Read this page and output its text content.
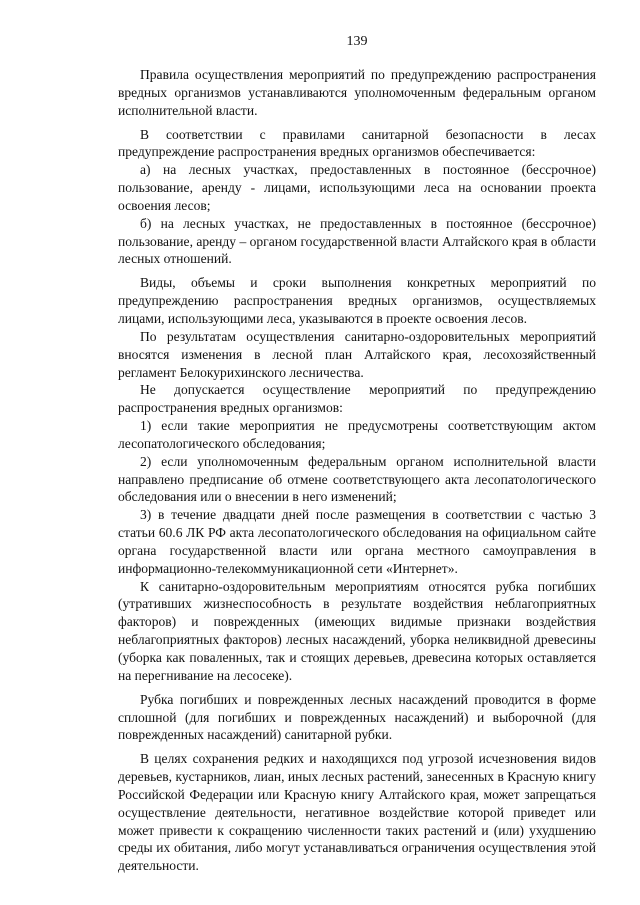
139

Правила осуществления мероприятий по предупреждению распространения вредных организмов устанавливаются уполномоченным федеральным органом исполнительной власти.

В соответствии с правилами санитарной безопасности в лесах предупреждение распространения вредных организмов обеспечивается:

а) на лесных участках, предоставленных в постоянное (бессрочное) пользование, аренду - лицами, использующими леса на основании проекта освоения лесов;

б) на лесных участках, не предоставленных в постоянное (бессрочное) пользование, аренду – органом государственной власти Алтайского края в области лесных отношений.

Виды, объемы и сроки выполнения конкретных мероприятий по предупреждению распространения вредных организмов, осуществляемых лицами, использующими леса, указываются в проекте освоения лесов.

По результатам осуществления санитарно-оздоровительных мероприятий вносятся изменения в лесной план Алтайского края, лесохозяйственный регламент Белокурихинского лесничества.

Не допускается осуществление мероприятий по предупреждению распространения вредных организмов:

1) если такие мероприятия не предусмотрены соответствующим актом лесопатологического обследования;

2) если уполномоченным федеральным органом исполнительной власти направлено предписание об отмене соответствующего акта лесопатологического обследования или о внесении в него изменений;

3) в течение двадцати дней после размещения в соответствии с частью 3 статьи 60.6 ЛК РФ акта лесопатологического обследования на официальном сайте органа государственной власти или органа местного самоуправления в информационно-телекоммуникационной сети «Интернет».

К санитарно-оздоровительным мероприятиям относятся рубка погибших (утративших жизнеспособность в результате воздействия неблагоприятных факторов) и поврежденных (имеющих видимые признаки воздействия неблагоприятных факторов) лесных насаждений, уборка неликвидной древесины (уборка как поваленных, так и стоящих деревьев, древесина которых оставляется на перегнивание на лесосеке).

Рубка погибших и поврежденных лесных насаждений проводится в форме сплошной (для погибших и поврежденных насаждений) и выборочной (для поврежденных насаждений) санитарной рубки.

В целях сохранения редких и находящихся под угрозой исчезновения видов деревьев, кустарников, лиан, иных лесных растений, занесенных в Красную книгу Российской Федерации или Красную книгу Алтайского края, может запрещаться осуществление деятельности, негативное воздействие которой приведет или может привести к сокращению численности таких растений и (или) ухудшению среды их обитания, либо могут устанавливаться ограничения осуществления этой деятельности.
